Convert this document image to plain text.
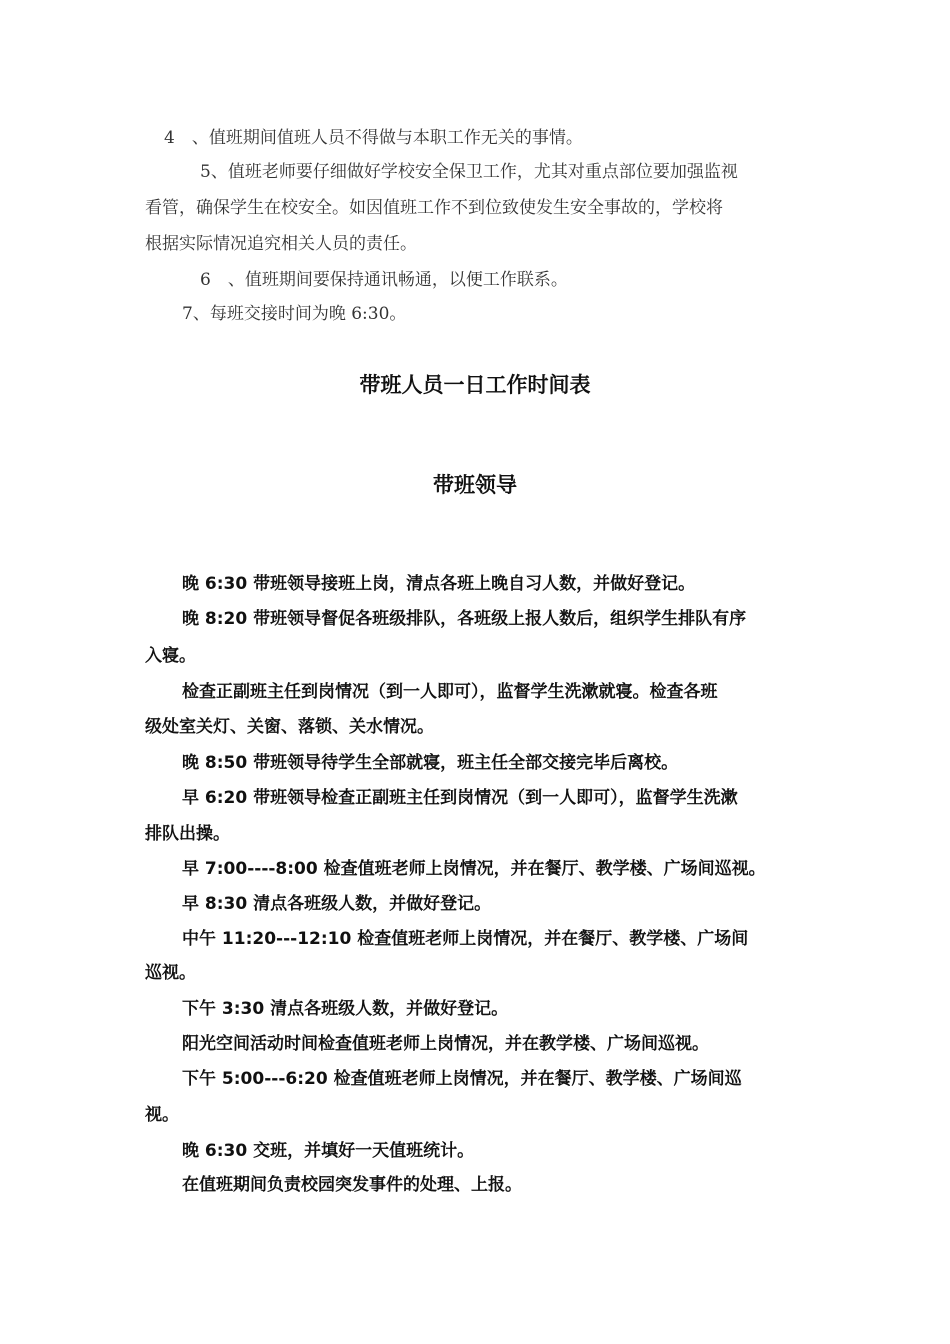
4　、值班期间值班人员不得做与本职工作无关的事情。
5、值班老师要仔细做好学校安全保卫工作，尤其对重点部位要加强监视
看管，确保学生在校安全。如因值班工作不到位致使发生安全事故的，学校将
根据实际情况追究相关人员的责任。
6　、值班期间要保持通讯畅通，以便工作联系。
7、每班交接时间为晚 6:30。
带班人员一日工作时间表
带班领导
晚 6:30 带班领导接班上岗，清点各班上晚自习人数，并做好登记。
晚 8:20 带班领导督促各班级排队，各班级上报人数后，组织学生排队有序
入寝。
检查正副班主任到岗情况（到一人即可），监督学生洗漱就寝。检查各班
级处室关灯、关窗、落锁、关水情况。
晚 8:50 带班领导待学生全部就寝，班主任全部交接完毕后离校。
早 6:20 带班领导检查正副班主任到岗情况（到一人即可），监督学生洗漱
排队出操。
早 7:00----8:00 检查值班老师上岗情况，并在餐厅、教学楼、广场间巡视。
早 8:30 清点各班级人数，并做好登记。
中午 11:20---12:10 检查值班老师上岗情况，并在餐厅、教学楼、广场间
巡视。
下午 3:30 清点各班级人数，并做好登记。
阳光空间活动时间检查值班老师上岗情况，并在教学楼、广场间巡视。
下午 5:00---6:20 检查值班老师上岗情况，并在餐厅、教学楼、广场间巡
视。
晚 6:30 交班，并填好一天值班统计。
在值班期间负责校园突发事件的处理、上报。
